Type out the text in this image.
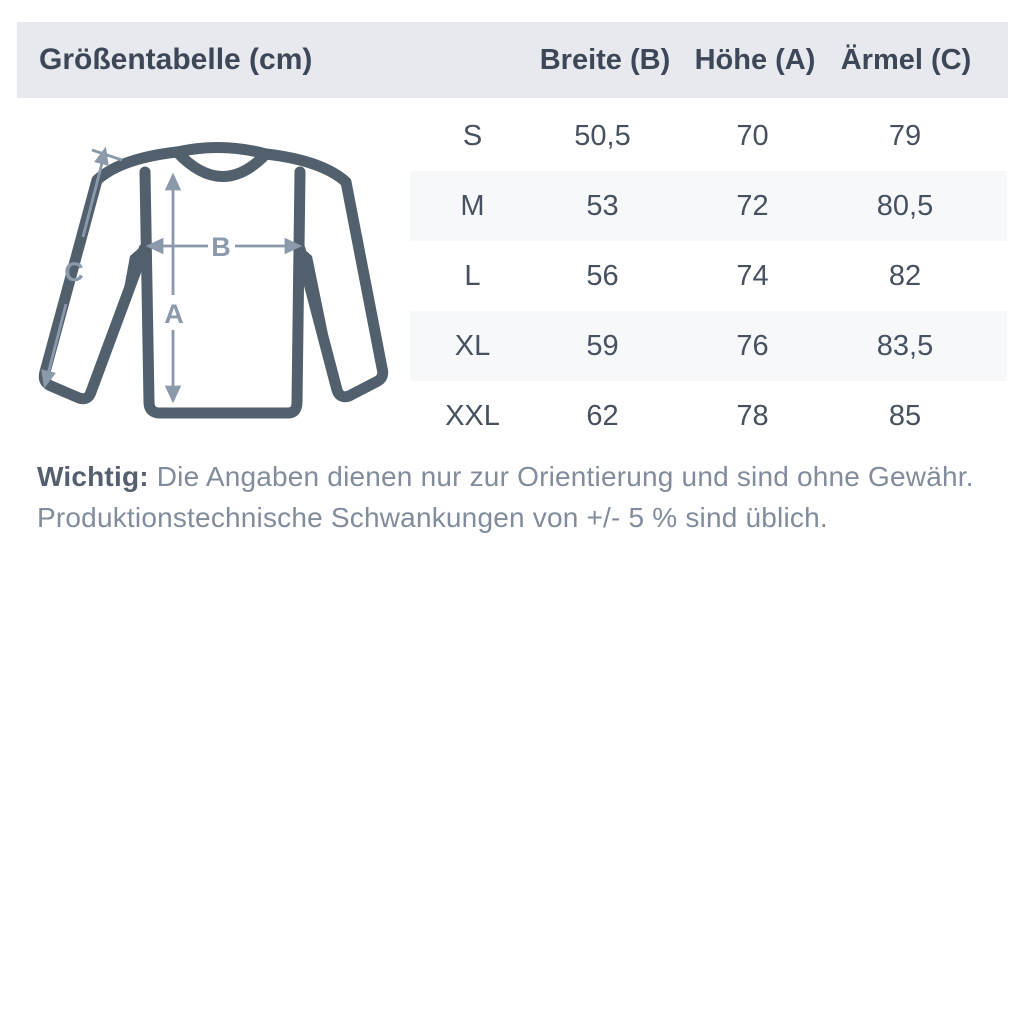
Größentabelle (cm)	Breite (B) Höhe (A) Ärmel (C)
A
B
C
S	50,5	70	79
M	53	72	80,5
L	56	74	82
XL	59	76	83,5
XXL	62	78	85

Wichtig: Die Angaben dienen nur zur Orientierung und sind ohne Gewähr.
Produktionstechnische Schwankungen von +/- 5 % sind üblich.
